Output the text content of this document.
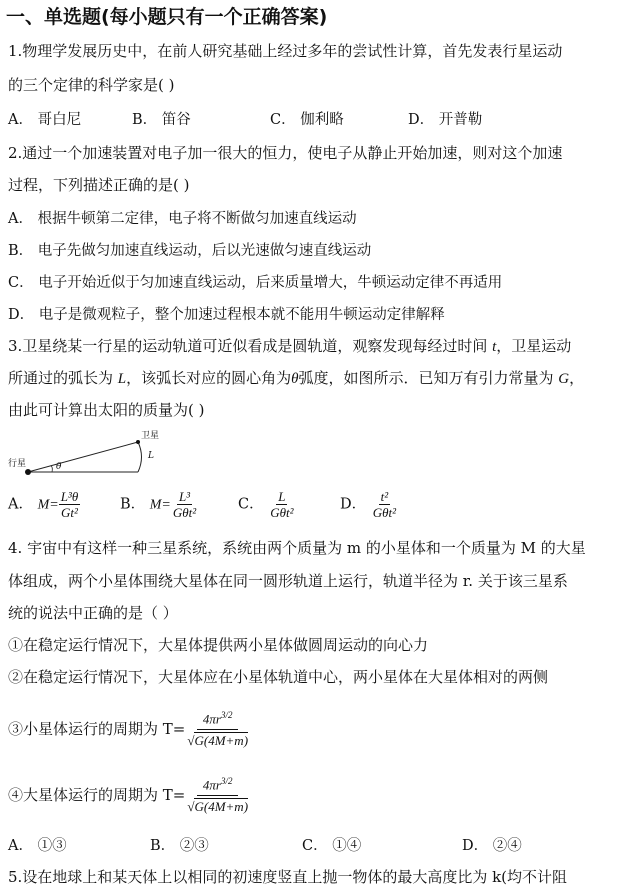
一、单选题(每小题只有一个正确答案)
1.物理学发展历史中，在前人研究基础上经过多年的尝试性计算，首先发表行星运动
的三个定律的科学家是( )
A． 哥白尼	B． 笛谷	C． 伽利略	D． 开普勒
2.通过一个加速装置对电子加一很大的恒力，使电子从静止开始加速，则对这个加速
过程，下列描述正确的是( )
A． 根据牛顿第二定律，电子将不断做匀加速直线运动
B． 电子先做匀加速直线运动，后以光速做匀速直线运动
C． 电子开始近似于匀加速直线运动，后来质量增大，牛顿运动定律不再适用
D． 电子是微观粒子，整个加速过程根本就不能用牛顿运动定律解释
3.卫星绕某一行星的运动轨道可近似看成是圆轨道，观察发现每经过时间 t，卫星运动
所通过的弧长为 L，该弧长对应的圆心角为θ弧度，如图所示．已知万有引力常量为 G，
由此可计算出太阳的质量为( )
行星
卫星
L
θ
A． $M= \frac{\text{L³θ}}{\text{Gt²}}$	B． $M= \frac{\text{L³}}{\text{Gθt²}}$	C． $\frac{L}{\text{Gθt²}}$	D． $\frac{\text{t²}}{\text{Gθt²}}$
4. 宇宙中有这样一种三星系统，系统由两个质量为 m 的小星体和一个质量为 M 的大星
体组成，两个小星体围绕大星体在同一圆形轨道上运行，轨道半径为 r. 关于该三星系
统的说法中正确的是（ ）
①在稳定运行情况下，大星体提供两小星体做圆周运动的向心力
②在稳定运行情况下，大星体应在小星体轨道中心，两小星体在大星体相对的两侧
③小星体运行的周期为 $T= \frac{4\pi r^{3/2}}{√G(4M+m)}$
④大星体运行的周期为 $T= \frac{4\pi r^{3/2}}{√G(4M+m)}$
A． ①③	B． ②③	C． ①④	D． ②④
5.设在地球上和某天体上以相同的初速度竖直上抛一物体的最大高度比为 k(均不计阻
